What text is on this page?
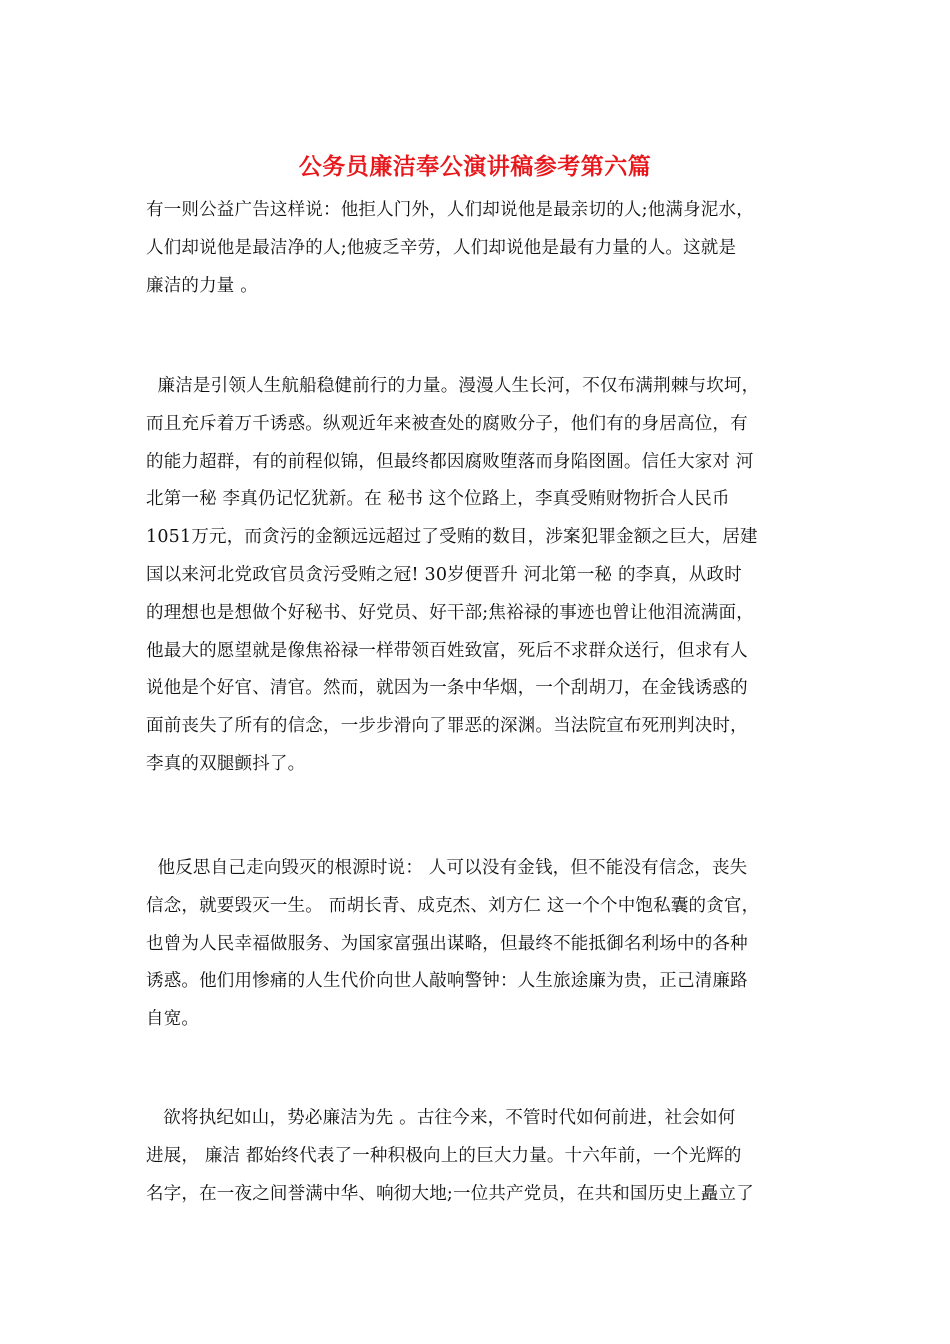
公务员廉洁奉公演讲稿参考第六篇
有一则公益广告这样说：他拒人门外，人们却说他是最亲切的人;他满身泥水，
人们却说他是最洁净的人;他疲乏辛劳，人们却说他是最有力量的人。这就是
廉洁的力量 。
廉洁是引领人生航船稳健前行的力量。漫漫人生长河，不仅布满荆棘与坎坷，
而且充斥着万千诱惑。纵观近年来被查处的腐败分子，他们有的身居高位，有
的能力超群，有的前程似锦，但最终都因腐败堕落而身陷囹圄。信任大家对 河
北第一秘 李真仍记忆犹新。在 秘书 这个位路上，李真受贿财物折合人民币
1051万元，而贪污的金额远远超过了受贿的数目，涉案犯罪金额之巨大，居建
国以来河北党政官员贪污受贿之冠! 30岁便晋升 河北第一秘 的李真，从政时
的理想也是想做个好秘书、好党员、好干部;焦裕禄的事迹也曾让他泪流满面，
他最大的愿望就是像焦裕禄一样带领百姓致富，死后不求群众送行，但求有人
说他是个好官、清官。然而，就因为一条中华烟，一个刮胡刀，在金钱诱惑的
面前丧失了所有的信念，一步步滑向了罪恶的深渊。当法院宣布死刑判决时，
李真的双腿颤抖了。
他反思自己走向毁灭的根源时说： 人可以没有金钱，但不能没有信念，丧失
信念，就要毁灭一生。 而胡长青、成克杰、刘方仁 这一个个中饱私囊的贪官，
也曾为人民幸福做服务、为国家富强出谋略，但最终不能抵御名利场中的各种
诱惑。他们用惨痛的人生代价向世人敲响警钟：人生旅途廉为贵，正己清廉路
自宽。
欲将执纪如山，势必廉洁为先 。古往今来，不管时代如何前进，社会如何
进展， 廉洁 都始终代表了一种积极向上的巨大力量。十六年前，一个光辉的
名字，在一夜之间誉满中华、响彻大地;一位共产党员，在共和国历史上矗立了
